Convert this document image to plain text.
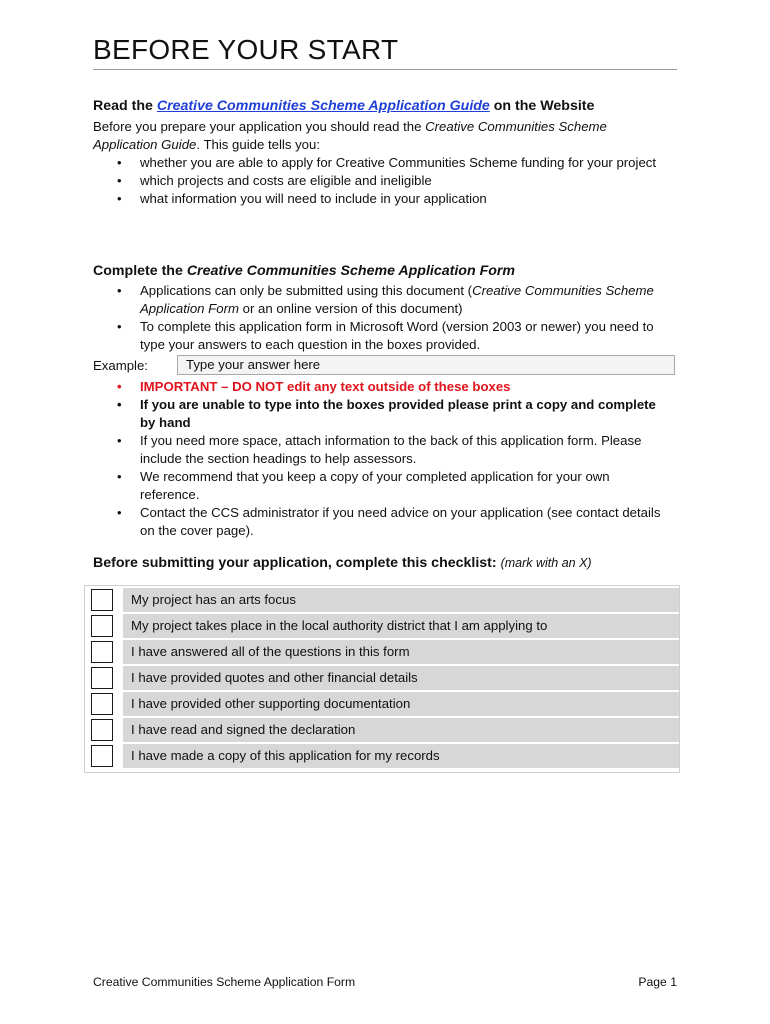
BEFORE YOUR START

Read the Creative Communities Scheme Application Guide on the Website

Before you prepare your application you should read the Creative Communities Scheme Application Guide. This guide tells you:

• whether you are able to apply for Creative Communities Scheme funding for your project
• which projects and costs are eligible and ineligible
• what information you will need to include in your application

Complete the Creative Communities Scheme Application Form

• Applications can only be submitted using this document (Creative Communities Scheme Application Form or an online version of this document)
• To complete this application form in Microsoft Word (version 2003 or newer) you need to type your answers to each question in the boxes provided.
Example:	Type your answer here
• IMPORTANT – DO NOT edit any text outside of these boxes
• If you are unable to type into the boxes provided please print a copy and complete by hand
• If you need more space, attach information to the back of this application form. Please include the section headings to help assessors.
• We recommend that you keep a copy of your completed application for your own reference.
• Contact the CCS administrator if you need advice on your application (see contact details on the cover page).
Before submitting your application, complete this checklist: (mark with an X)
My project has an arts focus
My project takes place in the local authority district that I am applying to
I have answered all of the questions in this form
I have provided quotes and other financial details
I have provided other supporting documentation
I have read and signed the declaration
I have made a copy of this application for my records
Creative Communities Scheme Application Form	Page 1
